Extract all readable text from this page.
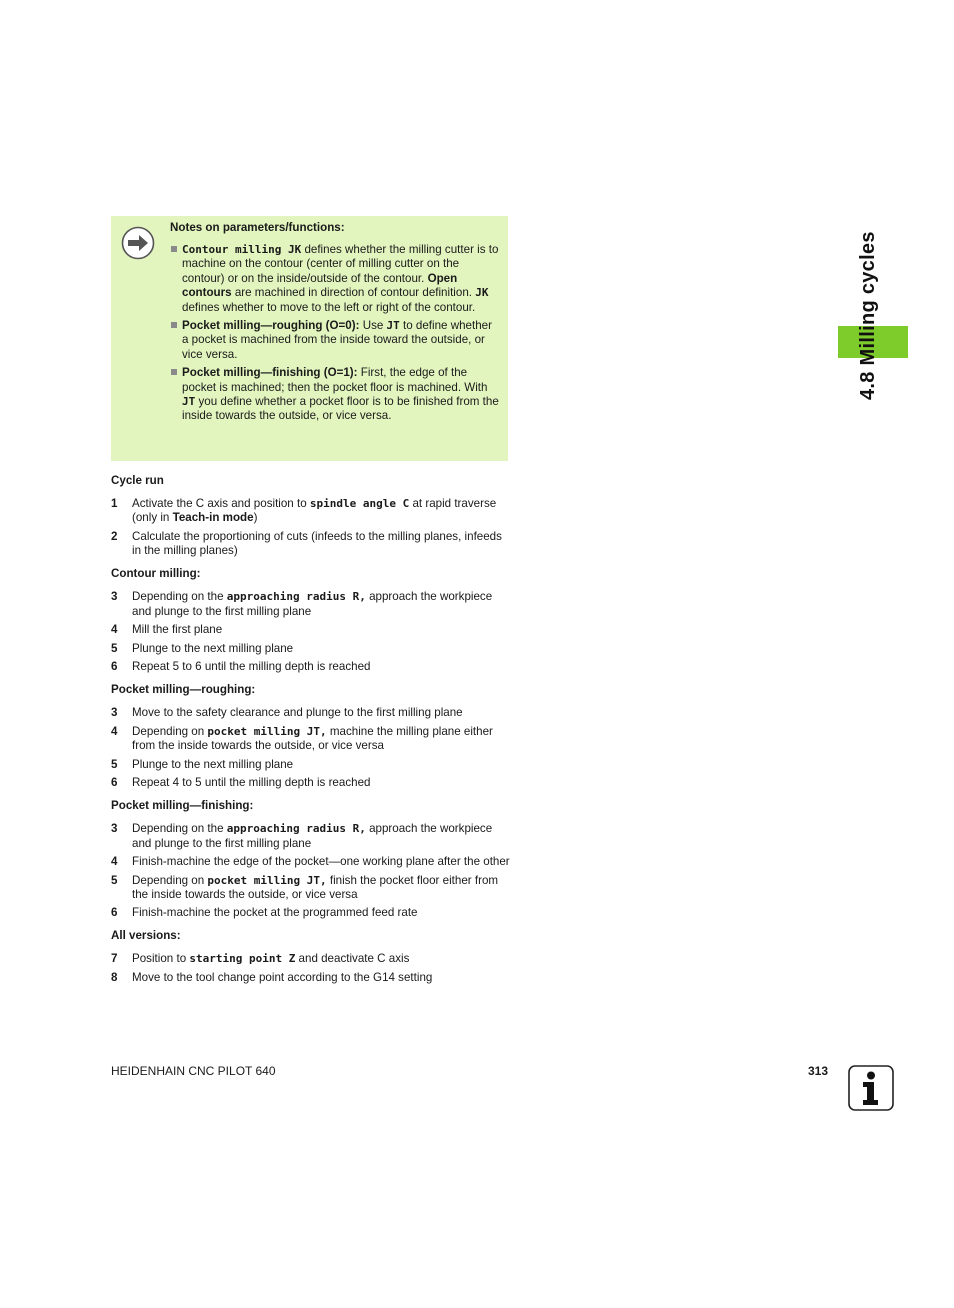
4.8 Milling cycles
Notes on parameters/functions:
Contour milling JK defines whether the milling cutter is to machine on the contour (center of milling cutter on the contour) or on the inside/outside of the contour. Open contours are machined in direction of contour definition. JK defines whether to move to the left or right of the contour.
Pocket milling—roughing (O=0): Use JT to define whether a pocket is machined from the inside toward the outside, or vice versa.
Pocket milling—finishing (O=1): First, the edge of the pocket is machined; then the pocket floor is machined. With JT you define whether a pocket floor is to be finished from the inside towards the outside, or vice versa.

Cycle run

1 Activate the C axis and position to spindle angle C at rapid traverse (only in Teach-in mode)
2 Calculate the proportioning of cuts (infeeds to the milling planes, infeeds in the milling planes)

Contour milling:

3 Depending on the approaching radius R, approach the workpiece and plunge to the first milling plane
4 Mill the first plane
5 Plunge to the next milling plane
6 Repeat 5 to 6 until the milling depth is reached

Pocket milling—roughing:

3 Move to the safety clearance and plunge to the first milling plane
4 Depending on pocket milling JT, machine the milling plane either from the inside towards the outside, or vice versa
5 Plunge to the next milling plane
6 Repeat 4 to 5 until the milling depth is reached

Pocket milling—finishing:

3 Depending on the approaching radius R, approach the workpiece and plunge to the first milling plane
4 Finish-machine the edge of the pocket—one working plane after the other
5 Depending on pocket milling JT, finish the pocket floor either from the inside towards the outside, or vice versa
6 Finish-machine the pocket at the programmed feed rate

All versions:

7 Position to starting point Z and deactivate C axis
8 Move to the tool change point according to the G14 setting
HEIDENHAIN CNC PILOT 640	313
